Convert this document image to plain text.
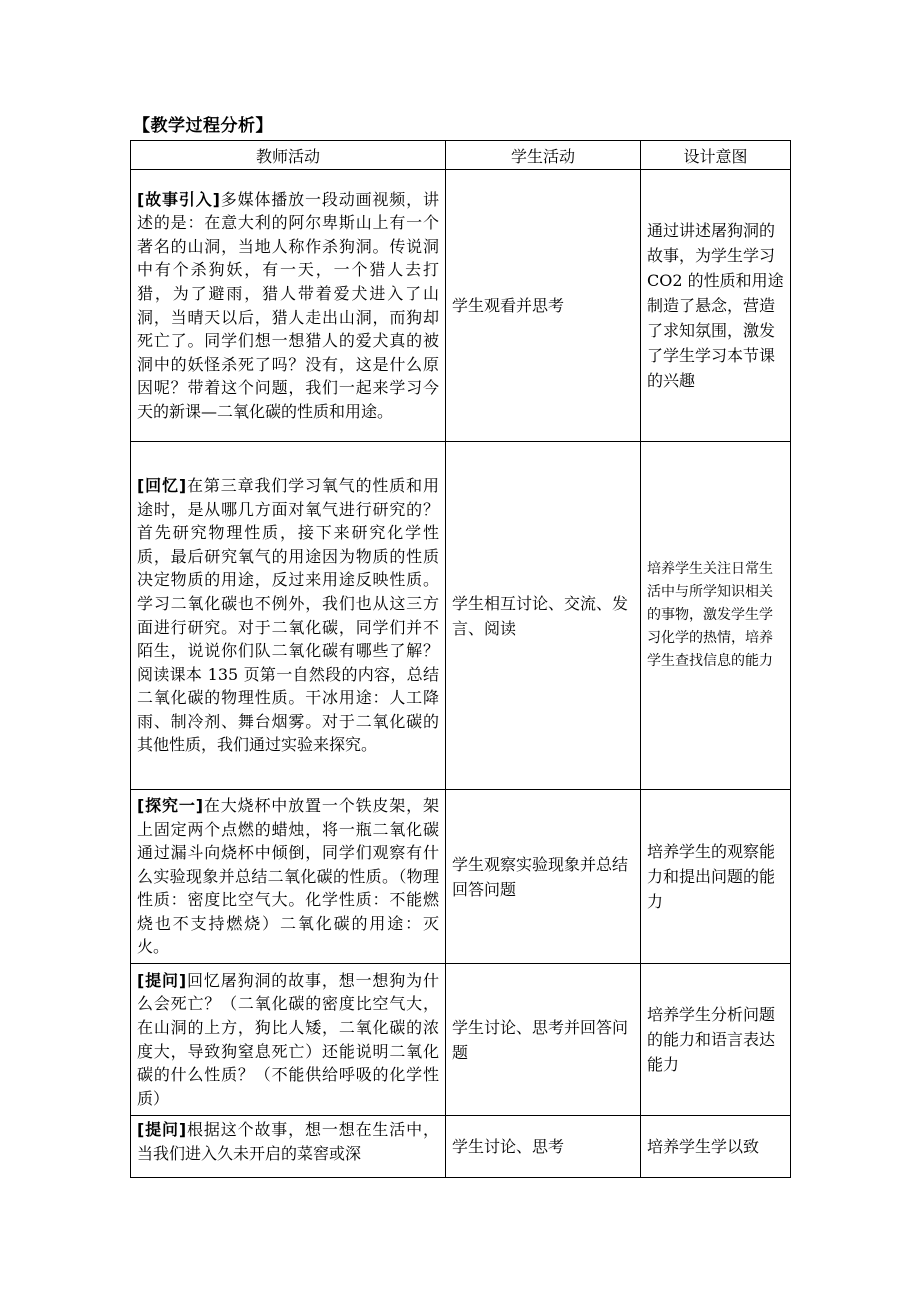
【教学过程分析】
教师活动	学生活动	设计意图
[故事引入]多媒体播放一段动画视频，讲述的是：在意大利的阿尔卑斯山上有一个著名的山洞，当地人称作杀狗洞。传说洞中有个杀狗妖，有一天，一个猎人去打猎，为了避雨，猎人带着爱犬进入了山洞，当晴天以后，猎人走出山洞，而狗却死亡了。同学们想一想猎人的爱犬真的被洞中的妖怪杀死了吗？没有，这是什么原因呢？带着这个问题，我们一起来学习今天的新课—二氧化碳的性质和用途。	学生观看并思考	通过讲述屠狗洞的故事，为学生学习 CO2 的性质和用途制造了悬念，营造了求知氛围，激发了学生学习本节课的兴趣
[回忆]在第三章我们学习氧气的性质和用途时，是从哪几方面对氧气进行研究的？首先研究物理性质，接下来研究化学性质，最后研究氧气的用途因为物质的性质决定物质的用途，反过来用途反映性质。学习二氧化碳也不例外，我们也从这三方面进行研究。对于二氧化碳，同学们并不陌生，说说你们队二氧化碳有哪些了解？阅读课本 135 页第一自然段的内容，总结二氧化碳的物理性质。干冰用途：人工降雨、制冷剂、舞台烟雾。对于二氧化碳的其他性质，我们通过实验来探究。	学生相互讨论、交流、发言、阅读	培养学生关注日常生活中与所学知识相关的事物，激发学生学习化学的热情，培养学生查找信息的能力
[探究一]在大烧杯中放置一个铁皮架，架上固定两个点燃的蜡烛，将一瓶二氧化碳通过漏斗向烧杯中倾倒，同学们观察有什么实验现象并总结二氧化碳的性质。（物理性质：密度比空气大。化学性质：不能燃烧也不支持燃烧）二氧化碳的用途：灭火。	学生观察实验现象并总结回答问题	培养学生的观察能力和提出问题的能力
[提问]回忆屠狗洞的故事，想一想狗为什么会死亡？（二氧化碳的密度比空气大，在山洞的上方，狗比人矮，二氧化碳的浓度大，导致狗窒息死亡）还能说明二氧化碳的什么性质？（不能供给呼吸的化学性质）	学生讨论、思考并回答问题	培养学生分析问题的能力和语言表达能力
[提问]根据这个故事，想一想在生活中，当我们进入久未开启的菜窖或深	学生讨论、思考	培养学生学以致
